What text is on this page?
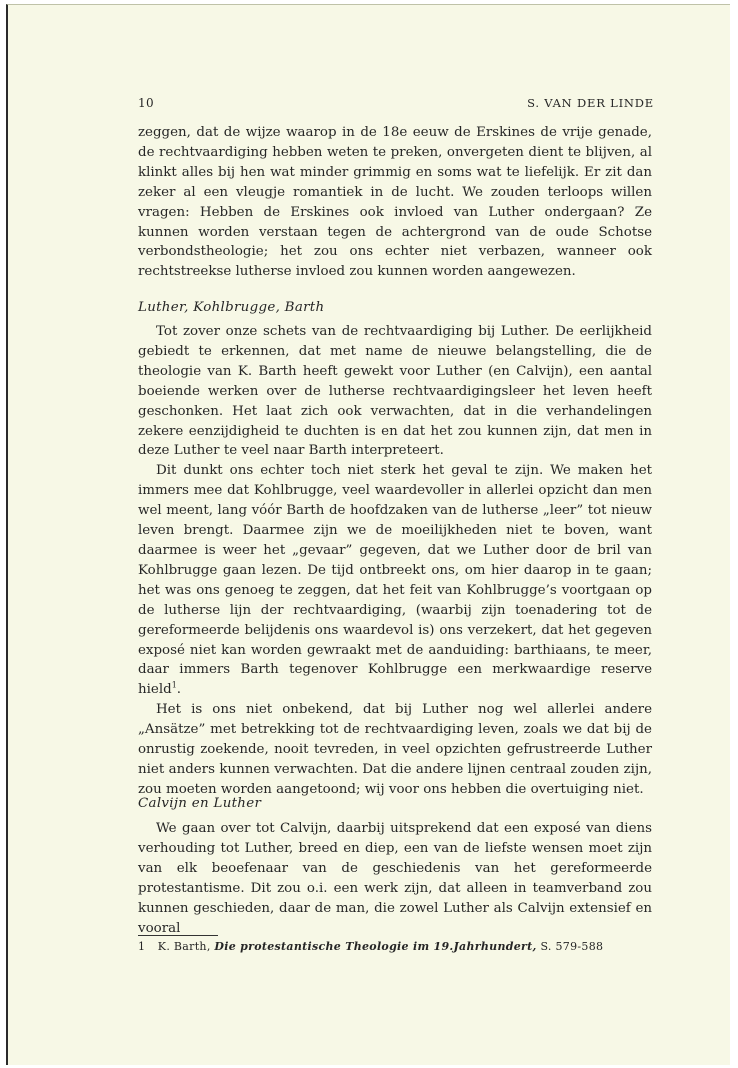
10	S. VAN DER LINDE

zeggen, dat de wijze waarop in de 18e eeuw de Erskines de vrije genade, de rechtvaardiging hebben weten te preken, onvergeten dient te blijven, al klinkt alles bij hen wat minder grimmig en soms wat te liefelijk. Er zit dan zeker al een vleugje romantiek in de lucht. We zouden terloops willen vragen: Hebben de Erskines ook invloed van Luther ondergaan? Ze kunnen worden verstaan tegen de achtergrond van de oude Schotse verbondstheologie; het zou ons echter niet verbazen, wanneer ook rechtstreekse lutherse invloed zou kunnen worden aangewezen.

Luther, Kohlbrugge, Barth

Tot zover onze schets van de rechtvaardiging bij Luther. De eerlijkheid gebiedt te erkennen, dat met name de nieuwe belangstelling, die de theologie van K. Barth heeft gewekt voor Luther (en Calvijn), een aantal boeiende werken over de lutherse rechtvaardigingsleer het leven heeft geschonken. Het laat zich ook verwachten, dat in die verhandelingen zekere eenzijdigheid te duchten is en dat het zou kunnen zijn, dat men in deze Luther te veel naar Barth interpreteert.

Dit dunkt ons echter toch niet sterk het geval te zijn. We maken het immers mee dat Kohlbrugge, veel waardevoller in allerlei opzicht dan men wel meent, lang vóór Barth de hoofdzaken van de lutherse „leer” tot nieuw leven brengt. Daarmee zijn we de moeilijkheden niet te boven, want daarmee is weer het „gevaar” gegeven, dat we Luther door de bril van Kohlbrugge gaan lezen. De tijd ontbreekt ons, om hier daarop in te gaan; het was ons genoeg te zeggen, dat het feit van Kohlbrugge’s voortgaan op de lutherse lijn der rechtvaardiging, (waarbij zijn toenadering tot de gereformeerde belijdenis ons waardevol is) ons verzekert, dat het gegeven exposé niet kan worden gewraakt met de aanduiding: barthiaans, te meer, daar immers Barth tegenover Kohlbrugge een merkwaardige reserve hield$^1$.

Het is ons niet onbekend, dat bij Luther nog wel allerlei andere „Ansätze” met betrekking tot de rechtvaardiging leven, zoals we dat bij de onrustig zoekende, nooit tevreden, in veel opzichten gefrustreerde Luther niet anders kunnen verwachten. Dat die andere lijnen centraal zouden zijn, zou moeten worden aangetoond; wij voor ons hebben die overtuiging niet.

Calvijn en Luther

We gaan over tot Calvijn, daarbij uitsprekend dat een exposé van diens verhouding tot Luther, breed en diep, een van de liefste wensen moet zijn van elk beoefenaar van de geschiedenis van het gereformeerde protestantisme. Dit zou o.i. een werk zijn, dat alleen in teamverband zou kunnen geschieden, daar de man, die zowel Luther als Calvijn extensief en vooral

1 K. Barth, Die protestantische Theologie im 19.Jahrhundert, S. 579-588
